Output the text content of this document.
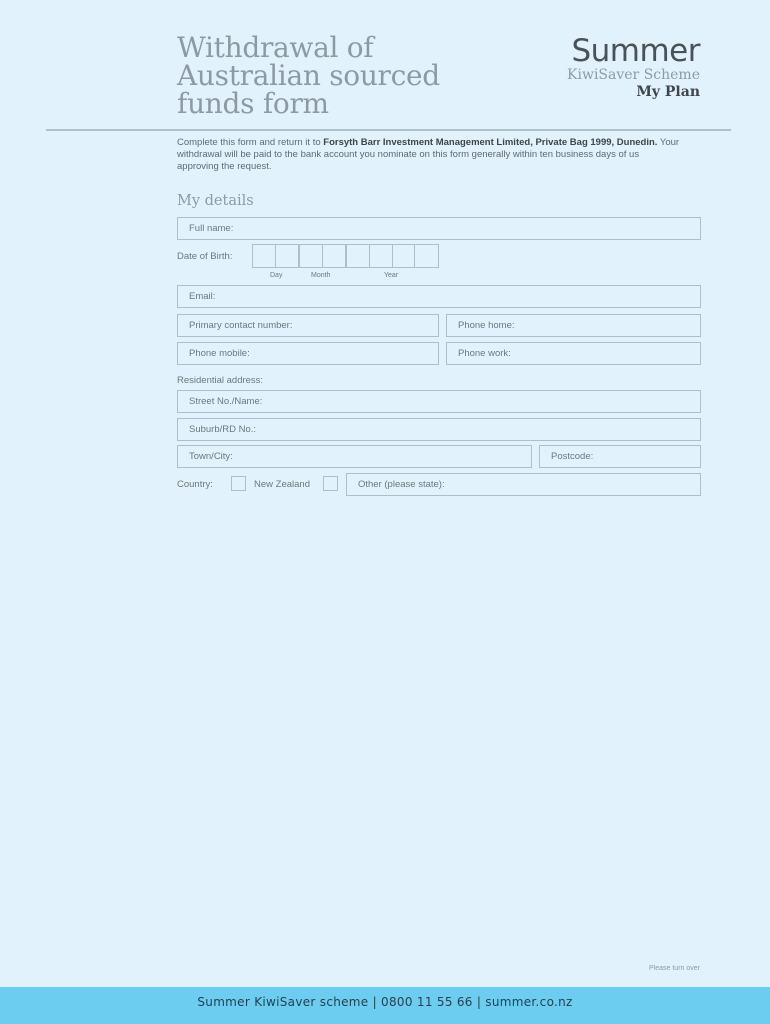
Withdrawal of
Australian sourced
funds form
Summer
KiwiSaver Scheme
My Plan

Complete this form and return it to Forsyth Barr Investment Management Limited, Private Bag 1999, Dunedin. Your withdrawal will be paid to the bank account you nominate on this form generally within ten business days of us approving the request.

My details
Full name:
Date of Birth:
Day	Month	Year
Email:
Primary contact number:	Phone home:
Phone mobile:	Phone work:
Residential address:
Street No./Name:
Suburb/RD No.:
Town/City:	Postcode:
Country:	New Zealand	Other (please state):
Please turn over
Summer KiwiSaver scheme | 0800 11 55 66 | summer.co.nz
